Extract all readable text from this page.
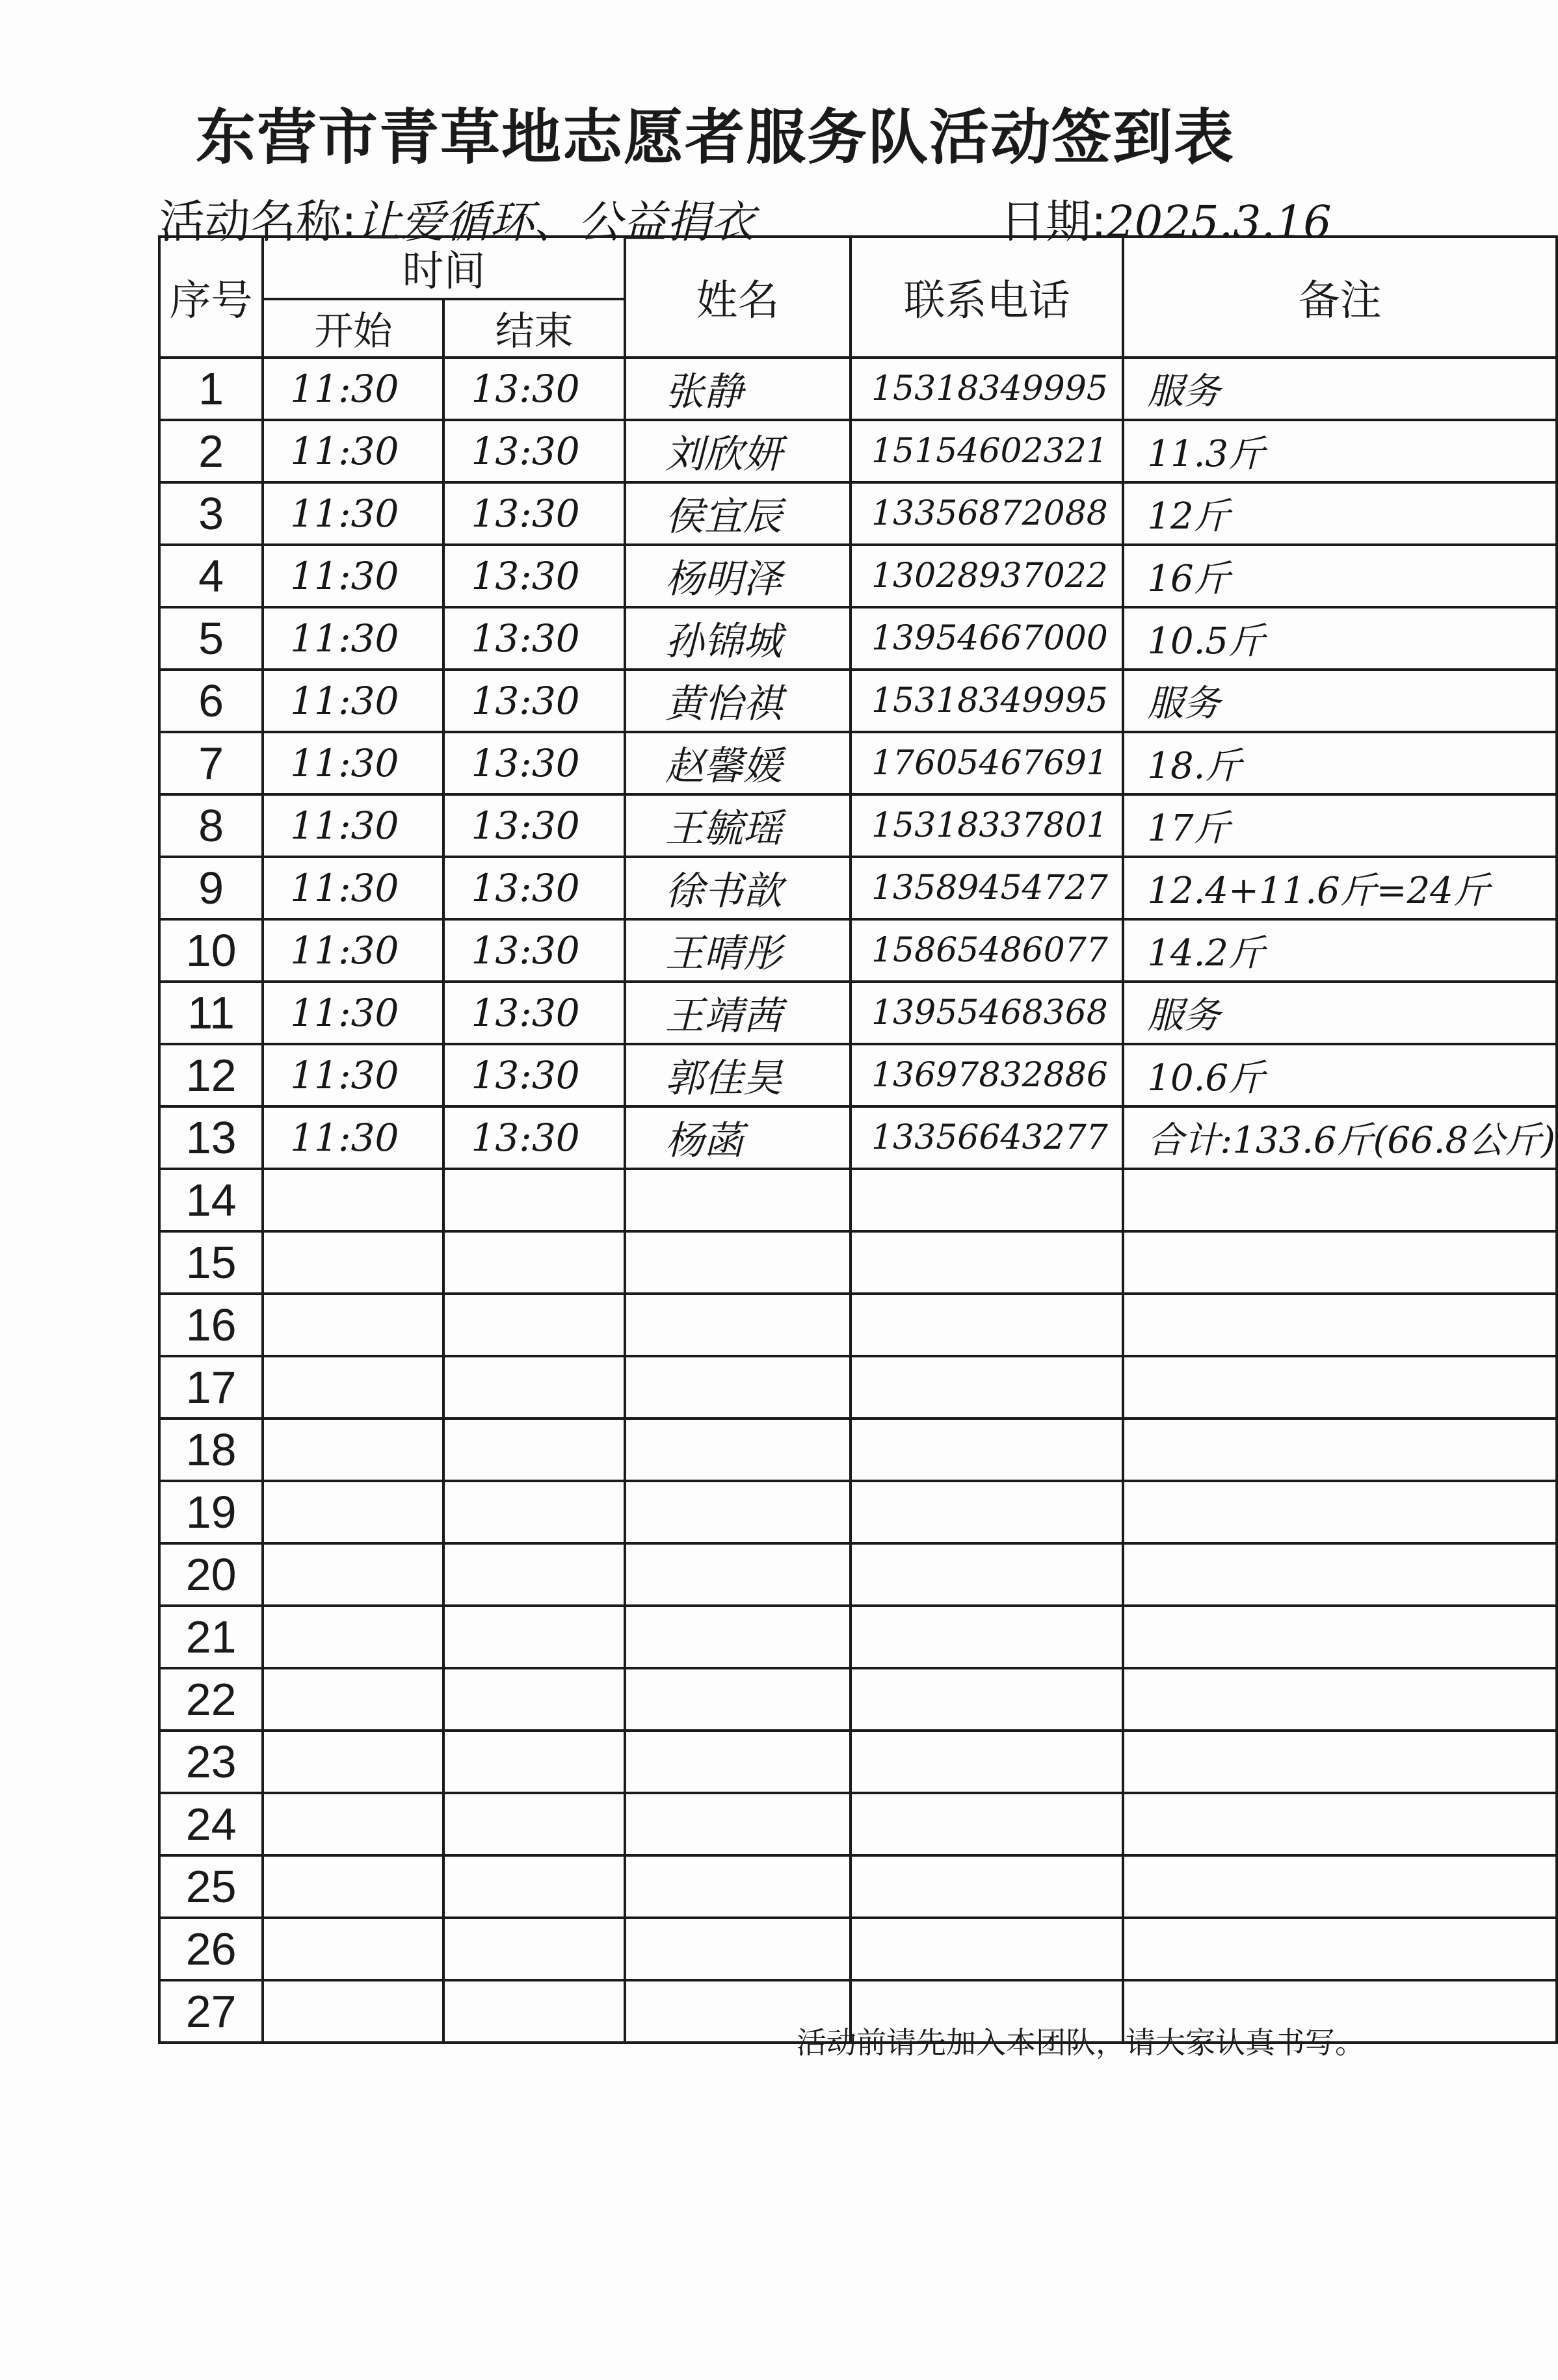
东营市青草地志愿者服务队活动签到表
活动名称:让爱循环、公益捐衣	日期:2025.3.16
序号	时间		姓名	联系电话	备注
	开始	结束			
1	11:30	13:30	张静	15318349995	服务
2	11:30	13:30	刘欣妍	15154602321	11.3斤
3	11:30	13:30	侯宜辰	13356872088	12斤
4	11:30	13:30	杨明泽	13028937022	16斤
5	11:30	13:30	孙锦城	13954667000	10.5斤
6	11:30	13:30	黄怡祺	15318349995	服务
7	11:30	13:30	赵馨媛	17605467691	18.斤
8	11:30	13:30	王毓瑶	15318337801	17斤
9	11:30	13:30	徐书歆	13589454727	12.4+11.6斤=24斤
10	11:30	13:30	王晴彤	15865486077	14.2斤
11	11:30	13:30	王靖茜	13955468368	服务
12	11:30	13:30	郭佳昊	13697832886	10.6斤
13	11:30	13:30	杨菡	13356643277	合计:133.6斤(66.8公斤)
14					
15					
16					
17					
18					
19					
20					
21					
22					
23					
24					
25					
26					
27					
活动前请先加入本团队，请大家认真书写。
